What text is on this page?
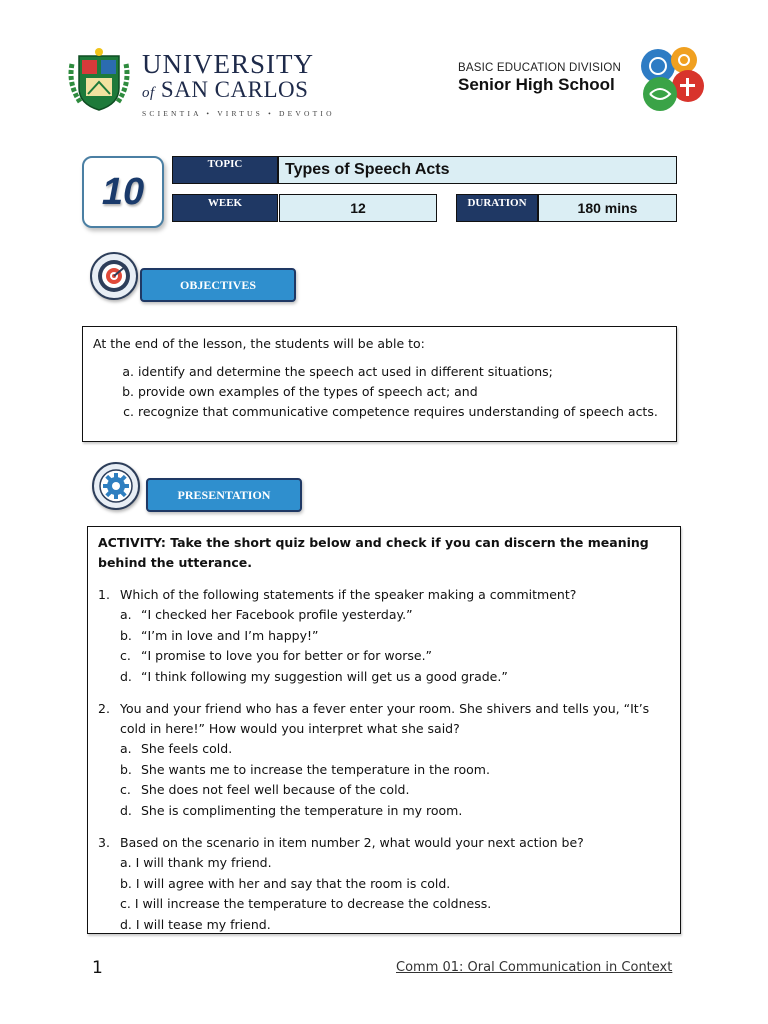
UNIVERSITY
of SAN CARLOS
SCIENTIA • VIRTUS • DEVOTIO
BASIC EDUCATION DIVISION
Senior High School
10
TOPIC	Types of Speech Acts
WEEK	12	DURATION	180 mins
OBJECTIVES
At the end of the lesson, the students will be able to:
a. identify and determine the speech act used in different situations;
b. provide own examples of the types of speech act; and
c. recognize that communicative competence requires understanding of speech acts.
PRESENTATION
ACTIVITY: Take the short quiz below and check if you can discern the meaning behind the utterance.
1. Which of the following statements if the speaker making a commitment?
a. “I checked her Facebook profile yesterday.”
b. “I’m in love and I’m happy!”
c. “I promise to love you for better or for worse.”
d. “I think following my suggestion will get us a good grade.”
2. You and your friend who has a fever enter your room. She shivers and tells you, “It’s cold in here!” How would you interpret what she said?
a. She feels cold.
b. She wants me to increase the temperature in the room.
c. She does not feel well because of the cold.
d. She is complimenting the temperature in my room.
3. Based on the scenario in item number 2, what would your next action be?
a. I will thank my friend.
b. I will agree with her and say that the room is cold.
c. I will increase the temperature to decrease the coldness.
d. I will tease my friend.
1	Comm 01: Oral Communication in Context
